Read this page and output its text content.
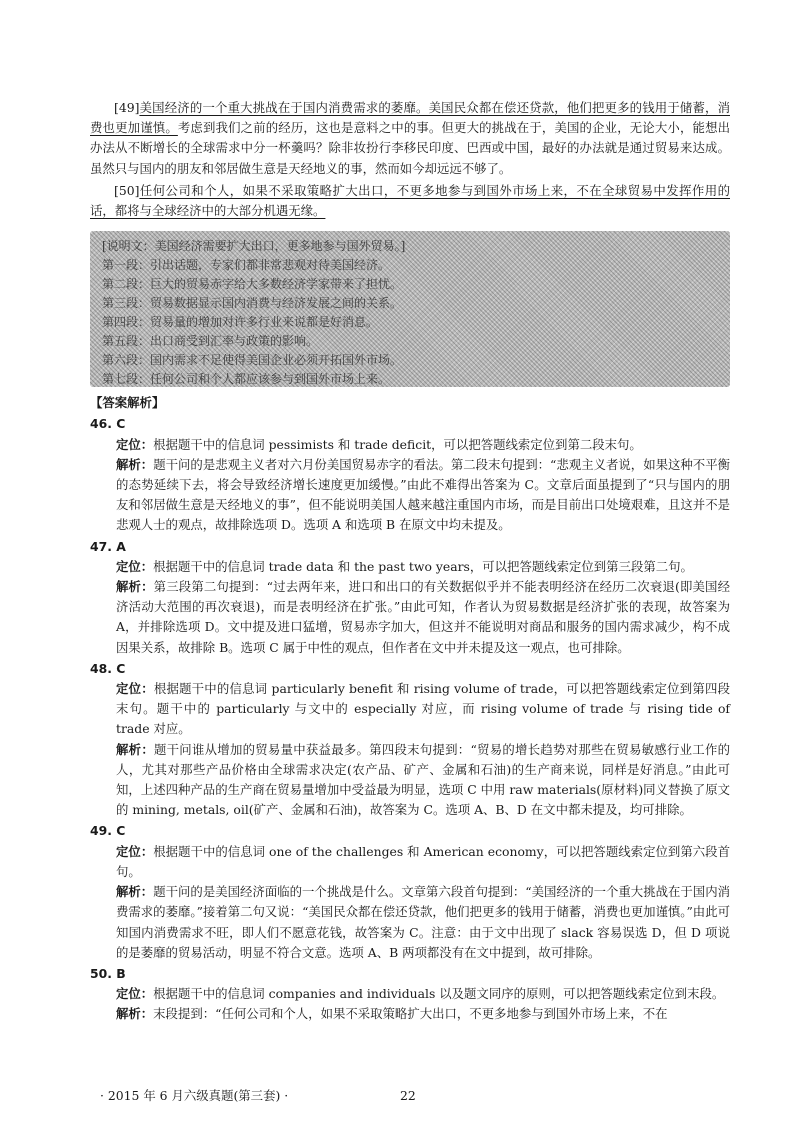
[49]美国经济的一个重大挑战在于国内消费需求的萎靡。美国民众都在偿还贷款，他们把更多的钱用于储蓄，消费也更加谨慎。考虑到我们之前的经历，这也是意料之中的事。但更大的挑战在于，美国的企业，无论大小，能想出办法从不断增长的全球需求中分一杯羹吗？除非妆扮行李移民印度、巴西或中国，最好的办法就是通过贸易来达成。虽然只与国内的朋友和邻居做生意是天经地义的事，然而如今却远远不够了。

[50]任何公司和个人，如果不采取策略扩大出口，不更多地参与到国外市场上来，不在全球贸易中发挥作用的话，都将与全球经济中的大部分机遇无缘。

[说明文：美国经济需要扩大出口，更多地参与国外贸易。]
第一段：引出话题，专家们都非常悲观对待美国经济。
第二段：巨大的贸易赤字给大多数经济学家带来了担忧。
第三段：贸易数据显示国内消费与经济发展之间的关系。
第四段：贸易量的增加对许多行业来说都是好消息。
第五段：出口商受到汇率与政策的影响。
第六段：国内需求不足使得美国企业必须开拓国外市场。
第七段：任何公司和个人都应该参与到国外市场上来。

【答案解析】

46. C

定位：根据题干中的信息词 pessimists 和 trade deficit，可以把答题线索定位到第二段末句。

解析：题干问的是悲观主义者对六月份美国贸易赤字的看法。第二段末句提到：“悲观主义者说，如果这种不平衡的态势延续下去，将会导致经济增长速度更加缓慢。”由此不难得出答案为 C。文章后面虽提到了“只与国内的朋友和邻居做生意是天经地义的事”，但不能说明美国人越来越注重国内市场，而是目前出口处境艰难，且这并不是悲观人士的观点，故排除选项 D。选项 A 和选项 B 在原文中均未提及。

47. A

定位：根据题干中的信息词 trade data 和 the past two years，可以把答题线索定位到第三段第二句。

解析：第三段第二句提到：“过去两年来，进口和出口的有关数据似乎并不能表明经济在经历二次衰退(即美国经济活动大范围的再次衰退)，而是表明经济在扩张。”由此可知，作者认为贸易数据是经济扩张的表现，故答案为 A，并排除选项 D。文中提及进口猛增，贸易赤字加大，但这并不能说明对商品和服务的国内需求减少，构不成因果关系，故排除 B。选项 C 属于中性的观点，但作者在文中并未提及这一观点，也可排除。

48. C

定位：根据题干中的信息词 particularly benefit 和 rising volume of trade，可以把答题线索定位到第四段末句。题干中的 particularly 与文中的 especially 对应，而 rising volume of trade 与 rising tide of trade 对应。

解析：题干问谁从增加的贸易量中获益最多。第四段末句提到：“贸易的增长趋势对那些在贸易敏感行业工作的人，尤其对那些产品价格由全球需求决定(农产品、矿产、金属和石油)的生产商来说，同样是好消息。”由此可知，上述四种产品的生产商在贸易量增加中受益最为明显，选项 C 中用 raw materials(原材料)同义替换了原文的 mining, metals, oil(矿产、金属和石油)，故答案为 C。选项 A、B、D 在文中都未提及，均可排除。

49. C

定位：根据题干中的信息词 one of the challenges 和 American economy，可以把答题线索定位到第六段首句。

解析：题干问的是美国经济面临的一个挑战是什么。文章第六段首句提到：“美国经济的一个重大挑战在于国内消费需求的萎靡。”接着第二句又说：“美国民众都在偿还贷款，他们把更多的钱用于储蓄，消费也更加谨慎。”由此可知国内消费需求不旺，即人们不愿意花钱，故答案为 C。注意：由于文中出现了 slack 容易误选 D，但 D 项说的是萎靡的贸易活动，明显不符合文意。选项 A、B 两项都没有在文中提到，故可排除。

50. B

定位：根据题干中的信息词 companies and individuals 以及题文同序的原则，可以把答题线索定位到末段。

解析：末段提到：“任何公司和个人，如果不采取策略扩大出口，不更多地参与到国外市场上来，不在

· 2015 年 6 月六级真题(第三套) ·	22
